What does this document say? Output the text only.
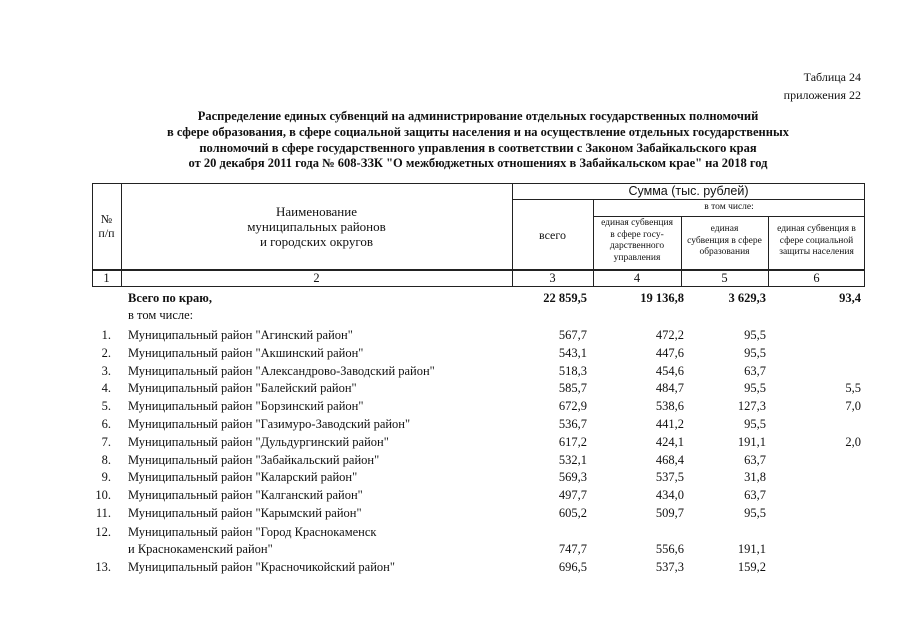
Таблица 24
приложения 22
Распределение единых субвенций на администрирование отдельных государственных полномочий
в сфере образования, в сфере социальной защиты населения и на осуществление отдельных государственных
полномочий в сфере государственного управления в соответствии с Законом Забайкальского края
от 20 декабря 2011 года № 608-ЗЗК "О межбюджетных отношениях в Забайкальском крае" на 2018 год
№
п/п
Наименование
муниципальных районов
и городских округов
Сумма (тыс. рублей)
всего
в том числе:
единая субвенция
в сфере госу-
дарственного
управления
единая
субвенция в сфере
образования
единая субвенция в
сфере социальной
защиты населения
1	2	3	4	5	6
Всего по краю,	22 859,5	19 136,8	3 629,3	93,4
в том числе:
1. Муниципальный район "Агинский район"	567,7	472,2	95,5
2. Муниципальный район "Акшинский район"	543,1	447,6	95,5
3. Муниципальный район "Александрово-Заводский район"	518,3	454,6	63,7
4. Муниципальный район "Балейский район"	585,7	484,7	95,5	5,5
5. Муниципальный район "Борзинский район"	672,9	538,6	127,3	7,0
6. Муниципальный район "Газимуро-Заводский район"	536,7	441,2	95,5
7. Муниципальный район "Дульдургинский район"	617,2	424,1	191,1	2,0
8. Муниципальный район "Забайкальский район"	532,1	468,4	63,7
9. Муниципальный район "Каларский район"	569,3	537,5	31,8
10. Муниципальный район "Калганский район"	497,7	434,0	63,7
11. Муниципальный район "Карымский район"	605,2	509,7	95,5
12. Муниципальный район "Город Краснокаменск
и Краснокаменский район"	747,7	556,6	191,1
13. Муниципальный район "Красночикойский район"	696,5	537,3	159,2
